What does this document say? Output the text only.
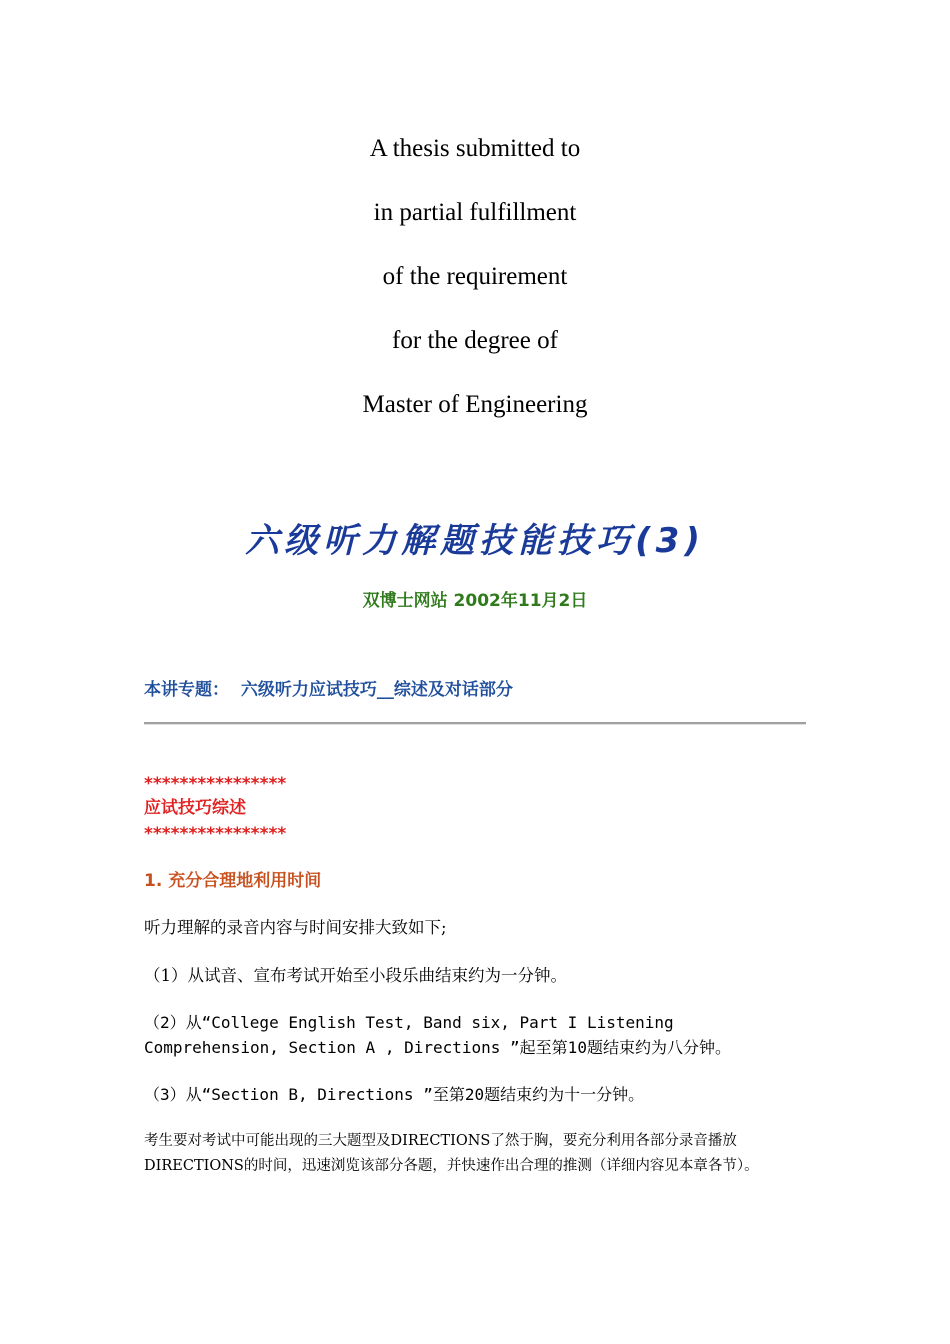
A thesis submitted to
in partial fulfillment
of the requirement
for the degree of
Master of Engineering
六级听力解题技能技巧(3)
双博士网站 2002年11月2日
本讲专题：  六级听力应试技巧__综述及对话部分
****************
应试技巧综述
****************
1. 充分合理地利用时间
听力理解的录音内容与时间安排大致如下;
（1）从试音、宣布考试开始至小段乐曲结束约为一分钟。
（2）从“College English Test, Band six, Part I Listening
Comprehension, Section A , Directions ”起至第10题结束约为八分钟。
（3）从“Section B, Directions ”至第20题结束约为十一分钟。
考生要对考试中可能出现的三大题型及DIRECTIONS了然于胸，要充分利用各部分录音播放
DIRECTIONS的时间，迅速浏览该部分各题，并快速作出合理的推测（详细内容见本章各节）。
